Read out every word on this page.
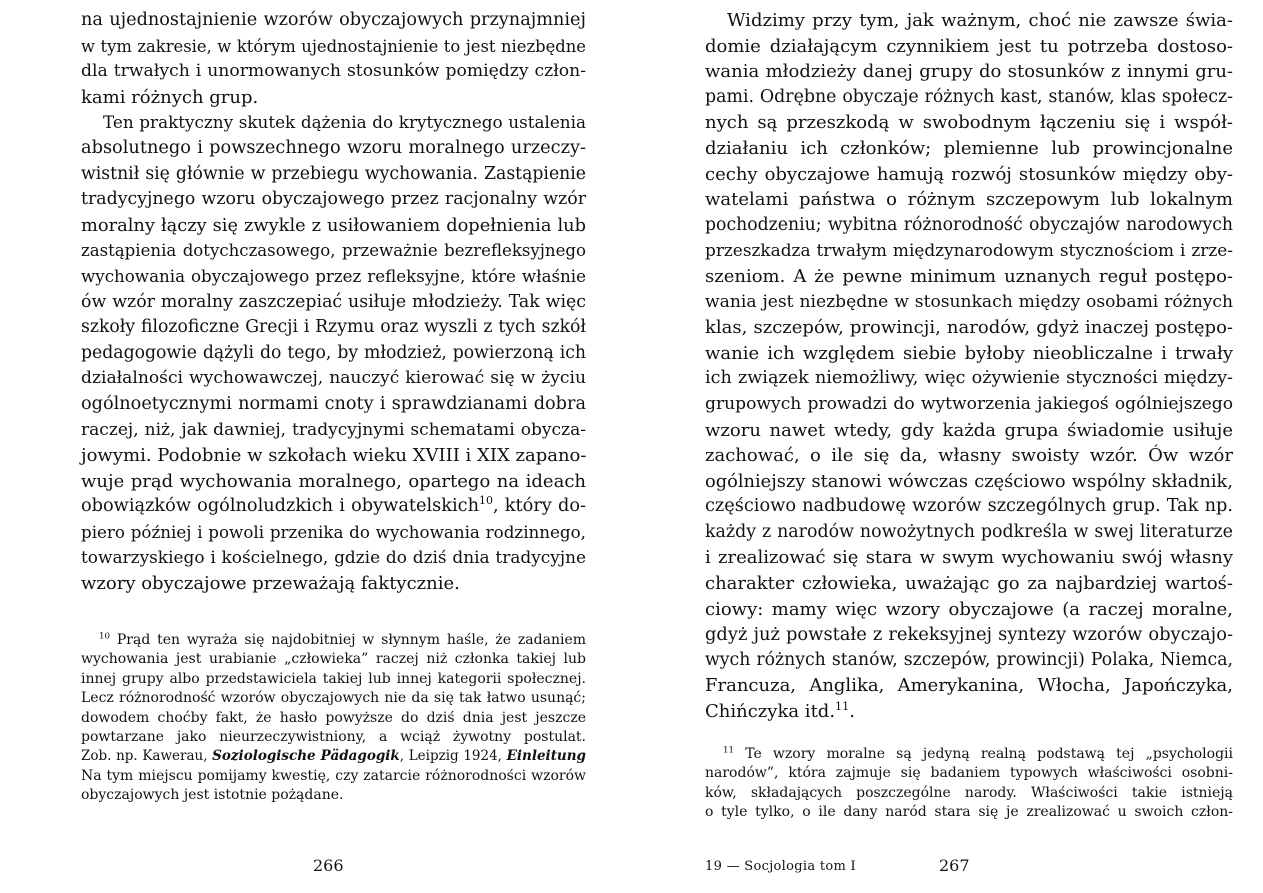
na ujednostajnienie wzorów obyczajowych przynajmniej
w tym zakresie, w którym ujednostajnienie to jest niezbędne
dla trwałych i unormowanych stosunków pomiędzy człon-
kami różnych grup.
Ten praktyczny skutek dążenia do krytycznego ustalenia
absolutnego i powszechnego wzoru moralnego urzeczy-
wistnił się głównie w przebiegu wychowania. Zastąpienie
tradycyjnego wzoru obyczajowego przez racjonalny wzór
moralny łączy się zwykle z usiłowaniem dopełnienia lub
zastąpienia dotychczasowego, przeważnie bezrefleksyjnego
wychowania obyczajowego przez refleksyjne, które właśnie
ów wzór moralny zaszczepiać usiłuje młodzieży. Tak więc
szkoły filozoficzne Grecji i Rzymu oraz wyszli z tych szkół
pedagogowie dążyli do tego, by młodzież, powierzoną ich
działalności wychowawczej, nauczyć kierować się w życiu
ogólnoetycznymi normami cnoty i sprawdzianami dobra
raczej, niż, jak dawniej, tradycyjnymi schematami obycza-
jowymi. Podobnie w szkołach wieku XVIII i XIX zapano-
wuje prąd wychowania moralnego, opartego na ideach
obowiązków ogólnoludzkich i obywatelskich$^{10}$, który do-
piero później i powoli przenika do wychowania rodzinnego,
towarzyskiego i kościelnego, gdzie do dziś dnia tradycyjne
wzory obyczajowe przeważają faktycznie.
$^{10}$ Prąd ten wyraża się najdobitniej w słynnym haśle, że zadaniem
wychowania jest urabianie „człowieka” raczej niż członka takiej lub
innej grupy albo przedstawiciela takiej lub innej kategorii społecznej.
Lecz różnorodność wzorów obyczajowych nie da się tak łatwo usunąć;
dowodem choćby fakt, że hasło powyższe do dziś dnia jest jeszcze
powtarzane jako nieurzeczywistniony, a wciąż żywotny postulat.
Zob. np. Kawerau, Soziologische Pädagogik, Leipzig 1924, Einleitung
Na tym miejscu pomijamy kwestię, czy zatarcie różnorodności wzorów
obyczajowych jest istotnie pożądane.
266
Widzimy przy tym, jak ważnym, choć nie zawsze świa-
domie działającym czynnikiem jest tu potrzeba dostoso-
wania młodzieży danej grupy do stosunków z innymi gru-
pami. Odrębne obyczaje różnych kast, stanów, klas społecz-
nych są przeszkodą w swobodnym łączeniu się i współ-
działaniu ich członków; plemienne lub prowincjonalne
cechy obyczajowe hamują rozwój stosunków między oby-
watelami państwa o różnym szczepowym lub lokalnym
pochodzeniu; wybitna różnorodność obyczajów narodowych
przeszkadza trwałym międzynarodowym stycznościom i zrze-
szeniom. A że pewne minimum uznanych reguł postępo-
wania jest niezbędne w stosunkach między osobami różnych
klas, szczepów, prowincji, narodów, gdyż inaczej postępo-
wanie ich względem siebie byłoby nieobliczalne i trwały
ich związek niemożliwy, więc ożywienie styczności między-
grupowych prowadzi do wytworzenia jakiegoś ogólniejszego
wzoru nawet wtedy, gdy każda grupa świadomie usiłuje
zachować, o ile się da, własny swoisty wzór. Ów wzór
ogólniejszy stanowi wówczas częściowo wspólny składnik,
częściowo nadbudowę wzorów szczególnych grup. Tak np.
każdy z narodów nowożytnych podkreśla w swej literaturze
i zrealizować się stara w swym wychowaniu swój własny
charakter człowieka, uważając go za najbardziej wartoś-
ciowy: mamy więc wzory obyczajowe (a raczej moralne,
gdyż już powstałe z rekeksyjnej syntezy wzorów obyczajo-
wych różnych stanów, szczepów, prowincji) Polaka, Niemca,
Francuza, Anglika, Amerykanina, Włocha, Japończyka,
Chińczyka itd.$^{11}$.
$^{11}$ Te wzory moralne są jedyną realną podstawą tej „psychologii
narodów”, która zajmuje się badaniem typowych właściwości osobni-
ków, składających poszczególne narody. Właściwości takie istnieją
o tyle tylko, o ile dany naród stara się je zrealizować u swoich człon-
19 — Socjologia tom I	267
